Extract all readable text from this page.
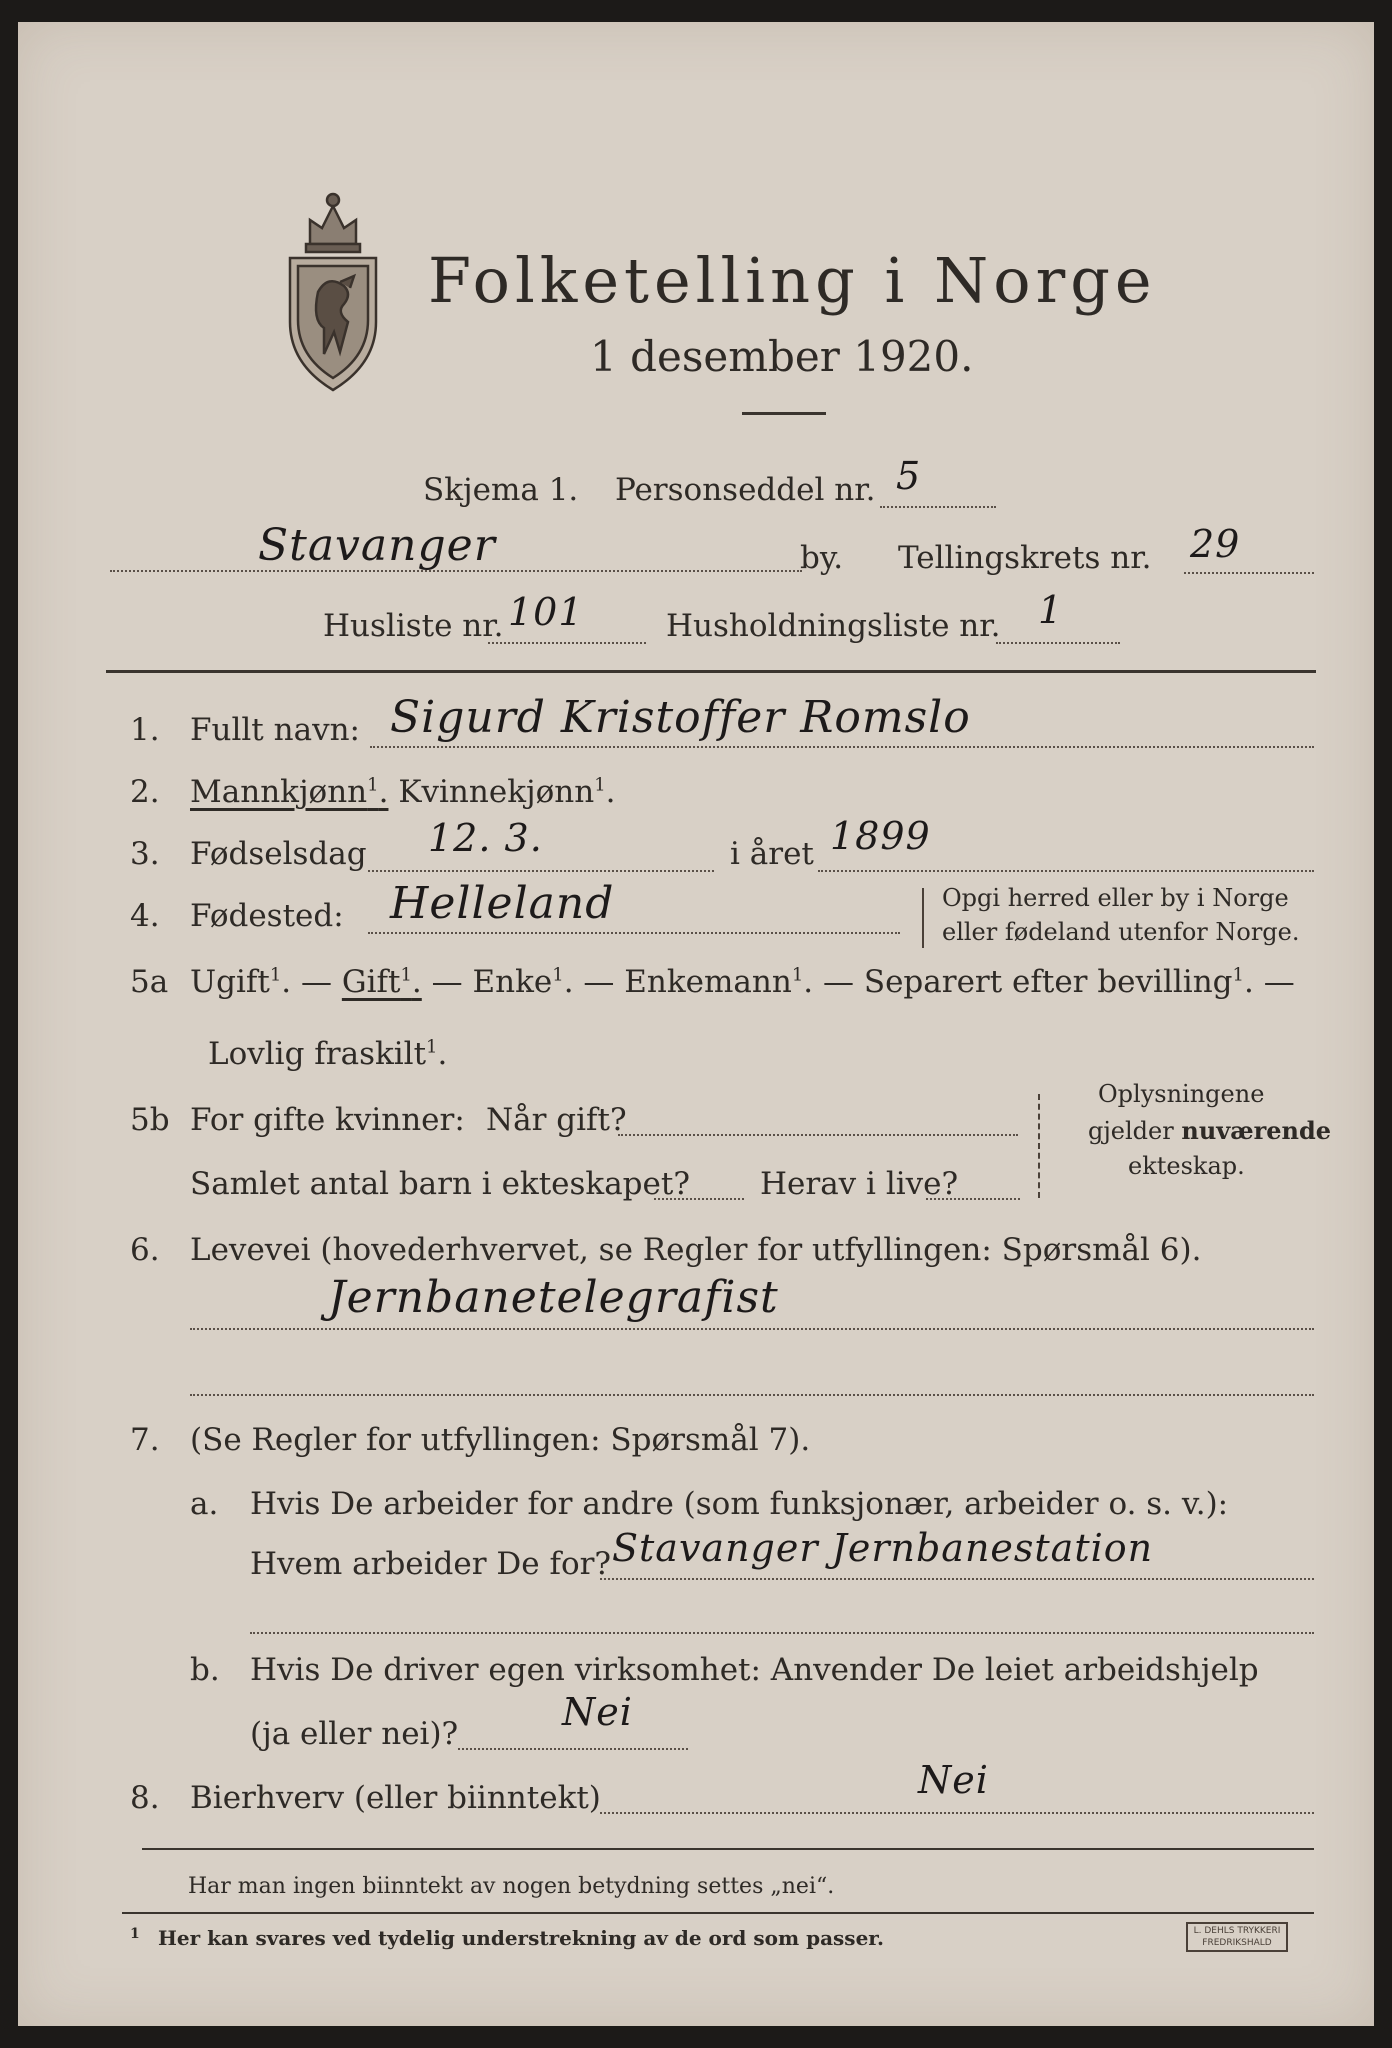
Folketelling i Norge
1 desember 1920.
Skjema 1. Personseddel nr. 5
Stavanger	by. Tellingskrets nr. 29
Husliste nr. 101	Husholdningsliste nr. 1
1. Fullt navn: Sigurd Kristoffer Romslo
2. Mannkjønn$^1$. Kvinnekjønn$^1$.
3. Fødselsdag 12. 3.	i året 1899
4. Fødested: Helleland	Opgi herred eller by i Norge
eller fødeland utenfor Norge.
5a Ugift$^1$. — Gift$^1$. — Enke$^1$. — Enkemann$^1$. — Separert efter bevilling$^1$. —
Lovlig fraskilt$^1$.
5b For gifte kvinner: Når gift?
Samlet antal barn i ekteskapet? Herav i live?
Oplysningene
gjelder nuværende
ekteskap.
6. Levevei (hovederhvervet, se Regler for utfyllingen: Spørsmål 6).
Jernbanetelegrafist
7. (Se Regler for utfyllingen: Spørsmål 7).
a. Hvis De arbeider for andre (som funksjonær, arbeider o. s. v.):
Hvem arbeider De for? Stavanger Jernbanestation
b. Hvis De driver egen virksomhet: Anvender De leiet arbeidshjelp
(ja eller nei)?	Nei
8. Bierhverv (eller biinntekt)	Nei
Har man ingen biinntekt av nogen betydning settes „nei“.
1 Her kan svares ved tydelig understrekning av de ord som passer.	L. DEHLS TRYKKERI FREDRIKSHALD
